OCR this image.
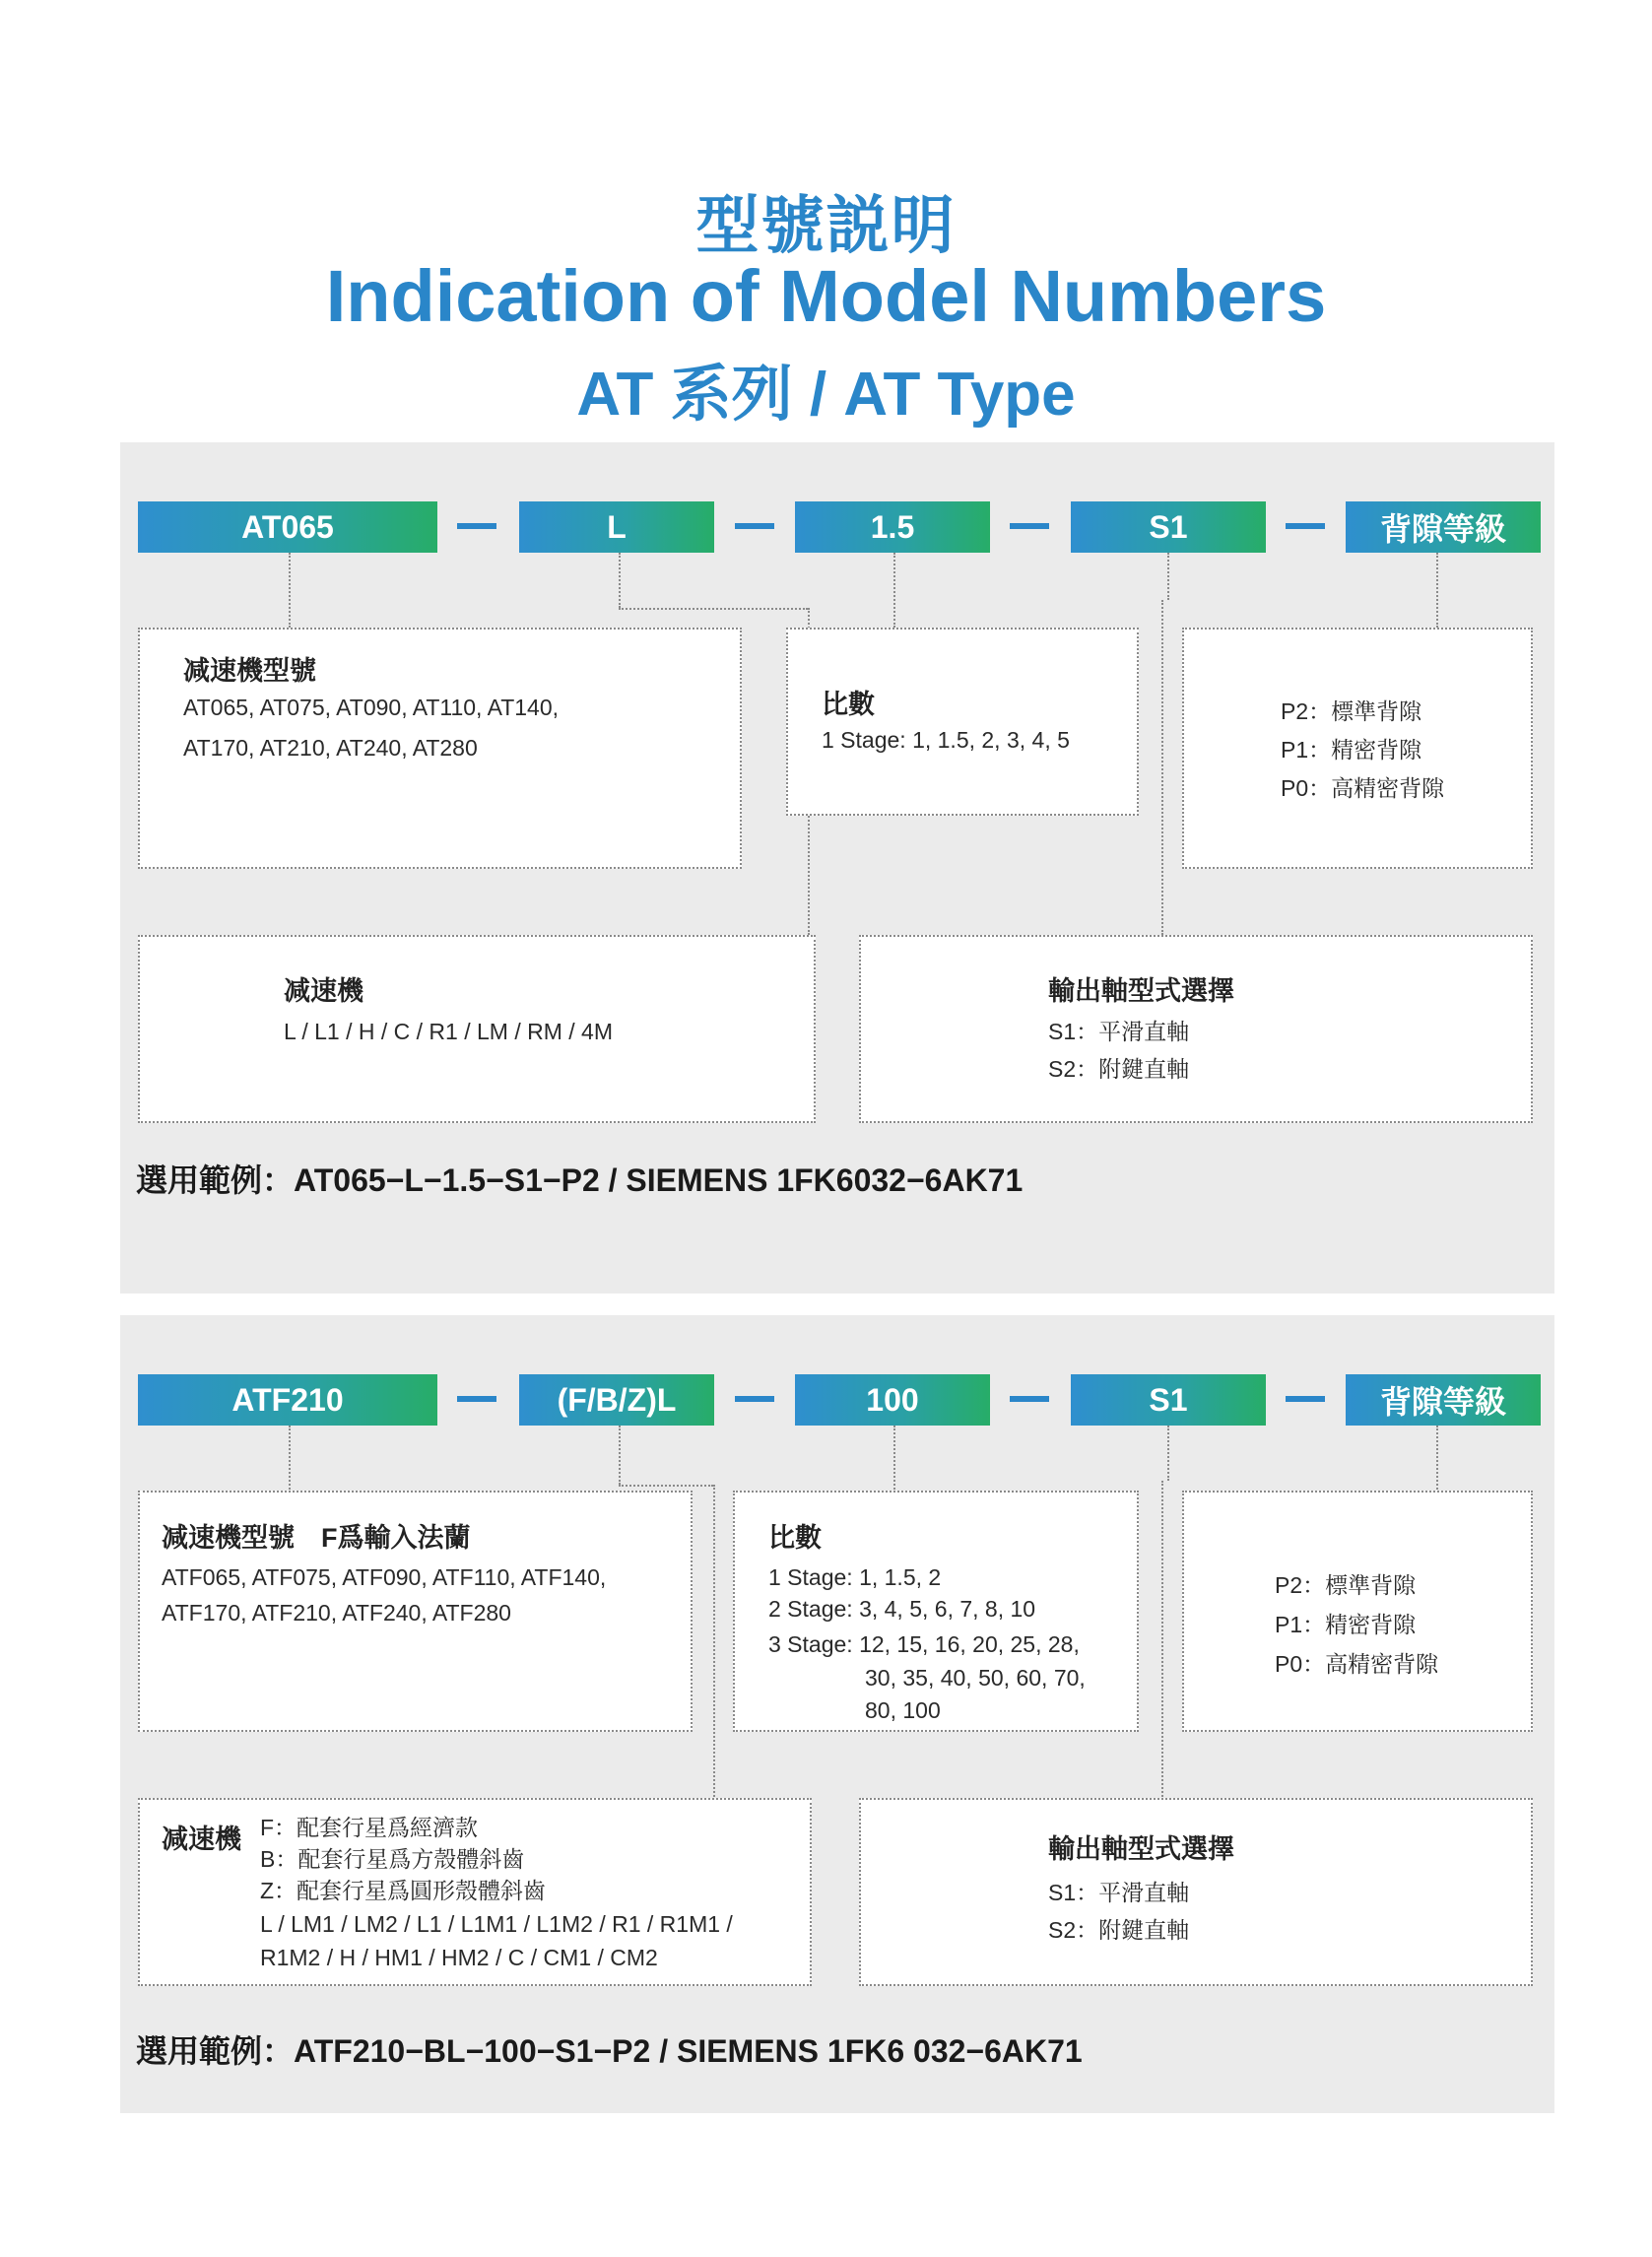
型號説明
Indication of Model Numbers
AT 系列 / AT Type
AT065	L	1.5	S1	背隙等級
减速機型號
AT065, AT075, AT090, AT110, AT140,
AT170, AT210, AT240, AT280
比數
1 Stage: 1, 1.5, 2, 3, 4, 5
P2：標準背隙
P1：精密背隙
P0：高精密背隙
减速機
L / L1 / H / C / R1 / LM / RM / 4M
輸出軸型式選擇
S1：平滑直軸
S2：附鍵直軸
選用範例：AT065−L−1.5−S1−P2 / SIEMENS 1FK6032−6AK71
ATF210	(F/B/Z)L	100	S1	背隙等級
减速機型號　F爲輸入法蘭
ATF065, ATF075, ATF090, ATF110, ATF140,
ATF170, ATF210, ATF240, ATF280
比數
1 Stage: 1, 1.5, 2
2 Stage: 3, 4, 5, 6, 7, 8, 10
3 Stage: 12, 15, 16, 20, 25, 28,
30, 35, 40, 50, 60, 70,
80, 100
P2：標準背隙
P1：精密背隙
P0：高精密背隙
减速機 F：配套行星爲經濟款
B：配套行星爲方殼體斜齒
Z：配套行星爲圓形殼體斜齒
L / LM1 / LM2 / L1 / L1M1 / L1M2 / R1 / R1M1 /
R1M2 / H / HM1 / HM2 / C / CM1 / CM2
輸出軸型式選擇
S1：平滑直軸
S2：附鍵直軸
選用範例：ATF210−BL−100−S1−P2 / SIEMENS 1FK6 032−6AK71
